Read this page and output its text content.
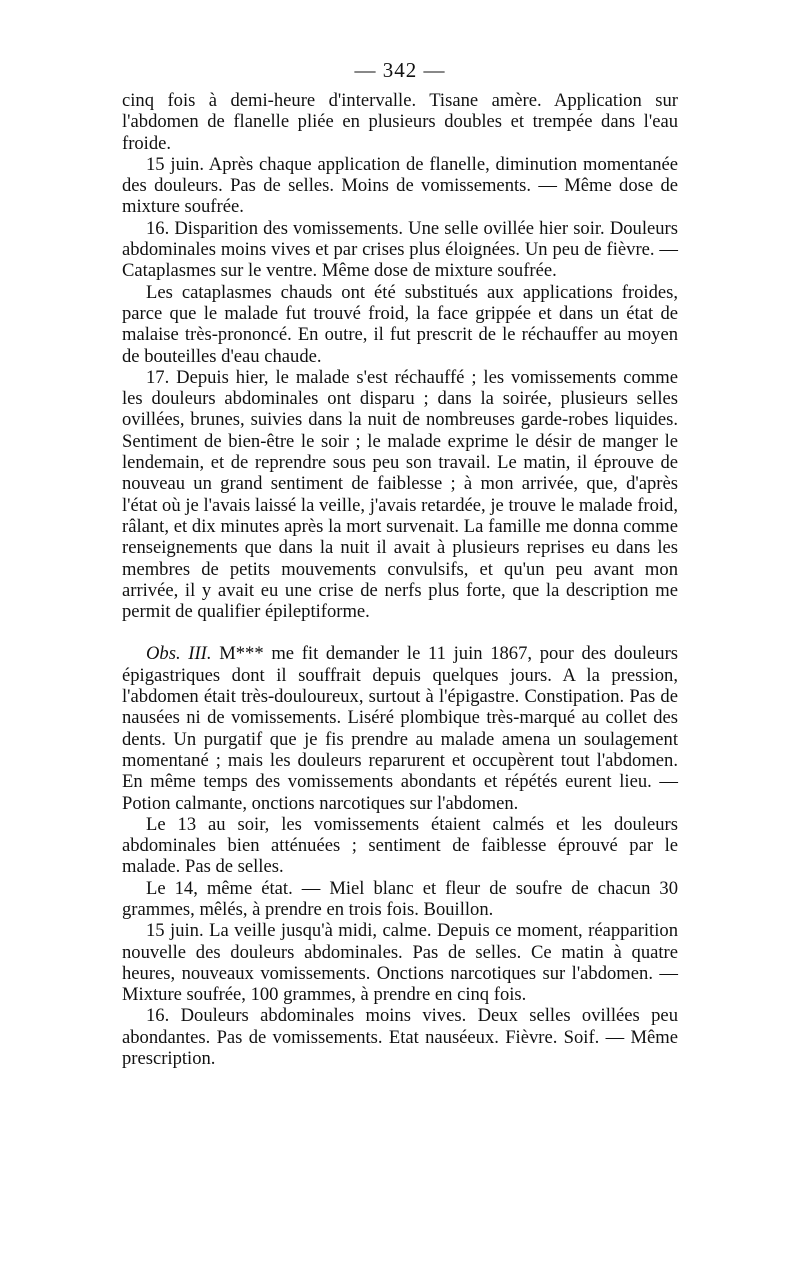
— 342 —

cinq fois à demi-heure d'intervalle. Tisane amère. Application sur l'abdomen de flanelle pliée en plusieurs doubles et trempée dans l'eau froide.

15 juin. Après chaque application de flanelle, diminution momentanée des douleurs. Pas de selles. Moins de vomissements. — Même dose de mixture soufrée.

16. Disparition des vomissements. Une selle ovillée hier soir. Douleurs abdominales moins vives et par crises plus éloignées. Un peu de fièvre. — Cataplasmes sur le ventre. Même dose de mixture soufrée.

Les cataplasmes chauds ont été substitués aux applications froides, parce que le malade fut trouvé froid, la face grippée et dans un état de malaise très-prononcé. En outre, il fut prescrit de le réchauffer au moyen de bouteilles d'eau chaude.

17. Depuis hier, le malade s'est réchauffé ; les vomissements comme les douleurs abdominales ont disparu ; dans la soirée, plusieurs selles ovillées, brunes, suivies dans la nuit de nombreuses garde-robes liquides. Sentiment de bien-être le soir ; le malade exprime le désir de manger le lendemain, et de reprendre sous peu son travail. Le matin, il éprouve de nouveau un grand sentiment de faiblesse ; à mon arrivée, que, d'après l'état où je l'avais laissé la veille, j'avais retardée, je trouve le malade froid, râlant, et dix minutes après la mort survenait. La famille me donna comme renseignements que dans la nuit il avait à plusieurs reprises eu dans les membres de petits mouvements convulsifs, et qu'un peu avant mon arrivée, il y avait eu une crise de nerfs plus forte, que la description me permit de qualifier épileptiforme.

Obs. III. M*** me fit demander le 11 juin 1867, pour des douleurs épigastriques dont il souffrait depuis quelques jours. A la pression, l'abdomen était très-douloureux, surtout à l'épigastre. Constipation. Pas de nausées ni de vomissements. Liséré plombique très-marqué au collet des dents. Un purgatif que je fis prendre au malade amena un soulagement momentané ; mais les douleurs reparurent et occupèrent tout l'abdomen. En même temps des vomissements abondants et répétés eurent lieu. — Potion calmante, onctions narcotiques sur l'abdomen.

Le 13 au soir, les vomissements étaient calmés et les douleurs abdominales bien atténuées ; sentiment de faiblesse éprouvé par le malade. Pas de selles.

Le 14, même état. — Miel blanc et fleur de soufre de chacun 30 grammes, mêlés, à prendre en trois fois. Bouillon.

15 juin. La veille jusqu'à midi, calme. Depuis ce moment, réapparition nouvelle des douleurs abdominales. Pas de selles. Ce matin à quatre heures, nouveaux vomissements. Onctions narcotiques sur l'abdomen. — Mixture soufrée, 100 grammes, à prendre en cinq fois.

16. Douleurs abdominales moins vives. Deux selles ovillées peu abondantes. Pas de vomissements. Etat nauséeux. Fièvre. Soif. — Même prescription.
